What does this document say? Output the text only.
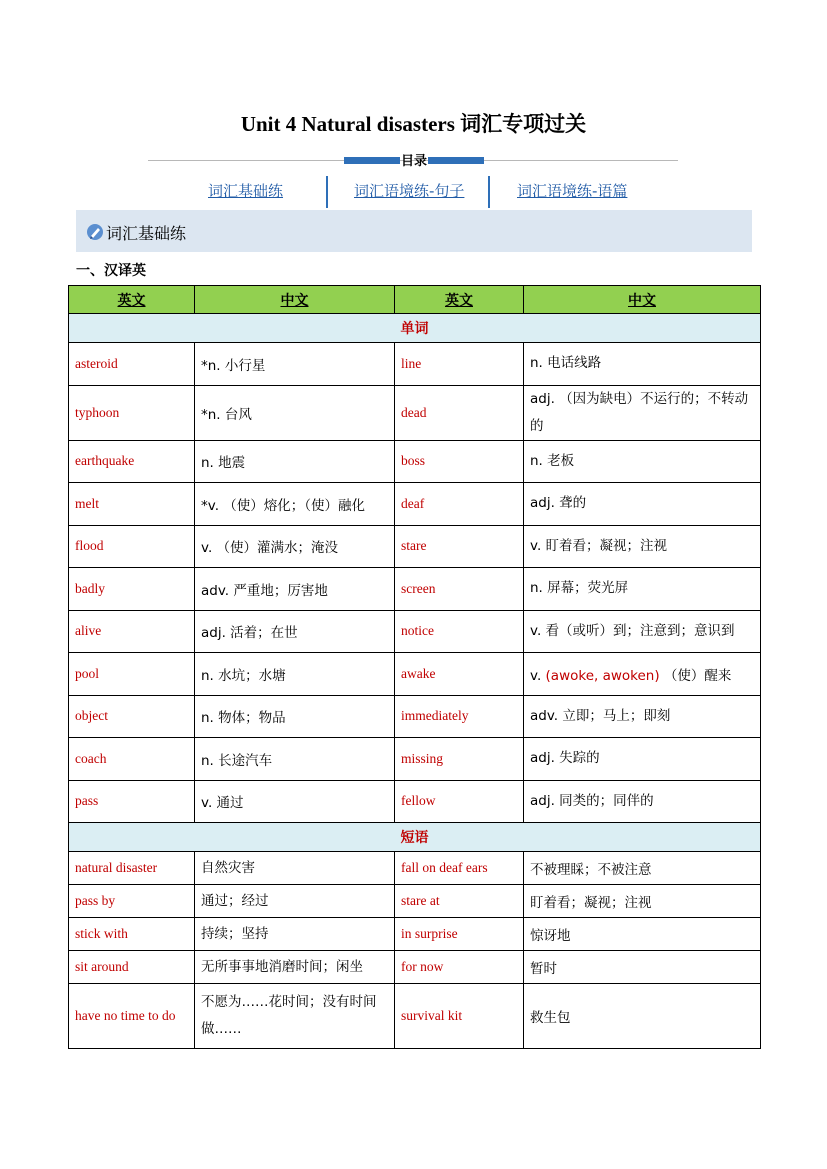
Unit 4 Natural disasters 词汇专项过关
目录
词汇基础练	词汇语境练-句子	词汇语境练-语篇
词汇基础练
一、汉译英
英文	中文	英文	中文
单词			
asteroid	*n. 小行星	line	n. 电话线路
typhoon	*n. 台风	dead	adj. （因为缺电）不运行的；不转动的
earthquake	n. 地震	boss	n. 老板
melt	*v. （使）熔化；（使）融化	deaf	adj. 聋的
flood	v. （使）灌满水；淹没	stare	v. 盯着看；凝视；注视
badly	adv. 严重地；厉害地	screen	n. 屏幕；荧光屏
alive	adj. 活着；在世	notice	v. 看（或听）到；注意到；意识到
pool	n. 水坑；水塘	awake	v. (awoke, awoken) （使）醒来
object	n. 物体；物品	immediately	adv. 立即；马上；即刻
coach	n. 长途汽车	missing	adj. 失踪的
pass	v. 通过	fellow	adj. 同类的；同伴的
短语			
natural disaster	自然灾害	fall on deaf ears	不被理睬；不被注意
pass by	通过；经过	stare at	盯着看；凝视；注视
stick with	持续；坚持	in surprise	惊讶地
sit around	无所事事地消磨时间；闲坐	for now	暂时
have no time to do	不愿为……花时间；没有时间做……	survival kit	救生包
